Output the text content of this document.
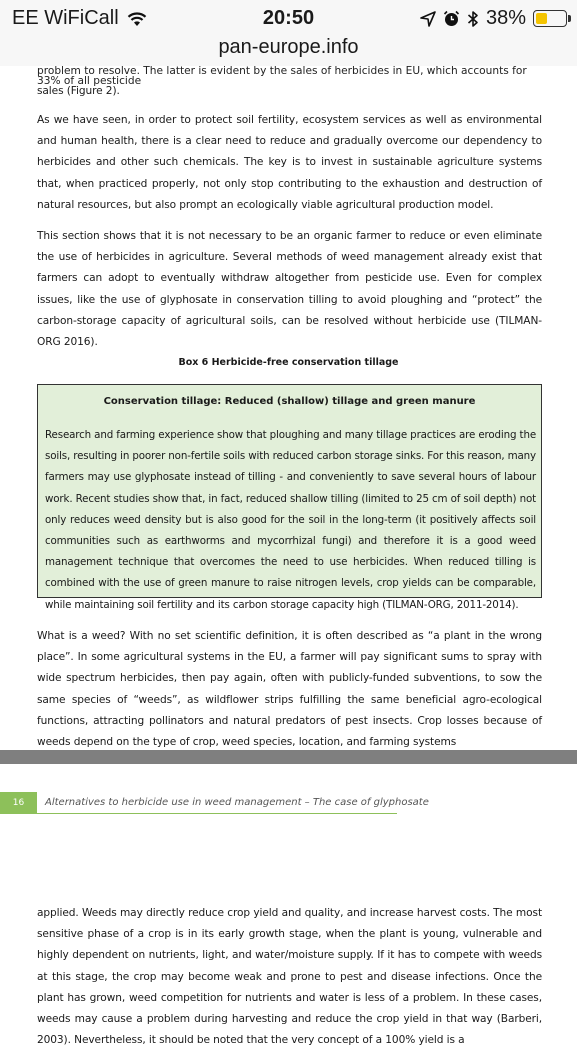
EE WiFiCall	20:50	38%
pan-europe.info
problem to resolve. The latter is evident by the sales of herbicides in EU, which accounts for 33% of all pesticide
sales (Figure 2).
As we have seen, in order to protect soil fertility, ecosystem services as well as environmental and human health, there is a clear need to reduce and gradually overcome our dependency to herbicides and other such chemicals. The key is to invest in sustainable agriculture systems that, when practiced properly, not only stop contributing to the exhaustion and destruction of natural resources, but also prompt an ecologically viable agricultural production model.
This section shows that it is not necessary to be an organic farmer to reduce or even eliminate the use of herbicides in agriculture. Several methods of weed management already exist that farmers can adopt to eventually withdraw altogether from pesticide use. Even for complex issues, like the use of glyphosate in conservation tilling to avoid ploughing and “protect” the carbon-storage capacity of agricultural soils, can be resolved without herbicide use (TILMAN-ORG 2016).
Box 6 Herbicide-free conservation tillage
Conservation tillage: Reduced (shallow) tillage and green manure
Research and farming experience show that ploughing and many tillage practices are eroding the soils, resulting in poorer non-fertile soils with reduced carbon storage sinks. For this reason, many farmers may use glyphosate instead of tilling - and conveniently to save several hours of labour work. Recent studies show that, in fact, reduced shallow tilling (limited to 25 cm of soil depth) not only reduces weed density but is also good for the soil in the long-term (it positively affects soil communities such as earthworms and mycorrhizal fungi) and therefore it is a good weed management technique that overcomes the need to use herbicides. When reduced tilling is combined with the use of green manure to raise nitrogen levels, crop yields can be comparable, while maintaining soil fertility and its carbon storage capacity high (TILMAN-ORG, 2011-2014).
What is a weed? With no set scientific definition, it is often described as “a plant in the wrong place”. In some agricultural systems in the EU, a farmer will pay significant sums to spray with wide spectrum herbicides, then pay again, often with publicly-funded subventions, to sow the same species of “weeds”, as wildflower strips fulfilling the same beneficial agro-ecological functions, attracting pollinators and natural predators of pest insects. Crop losses because of weeds depend on the type of crop, weed species, location, and farming systems
16	Alternatives to herbicide use in weed management – The case of glyphosate
applied. Weeds may directly reduce crop yield and quality, and increase harvest costs. The most sensitive phase of a crop is in its early growth stage, when the plant is young, vulnerable and highly dependent on nutrients, light, and water/moisture supply. If it has to compete with weeds at this stage, the crop may become weak and prone to pest and disease infections. Once the plant has grown, weed competition for nutrients and water is less of a problem. In these cases, weeds may cause a problem during harvesting and reduce the crop yield in that way (Barberi, 2003). Nevertheless, it should be noted that the very concept of a 100% yield is a
